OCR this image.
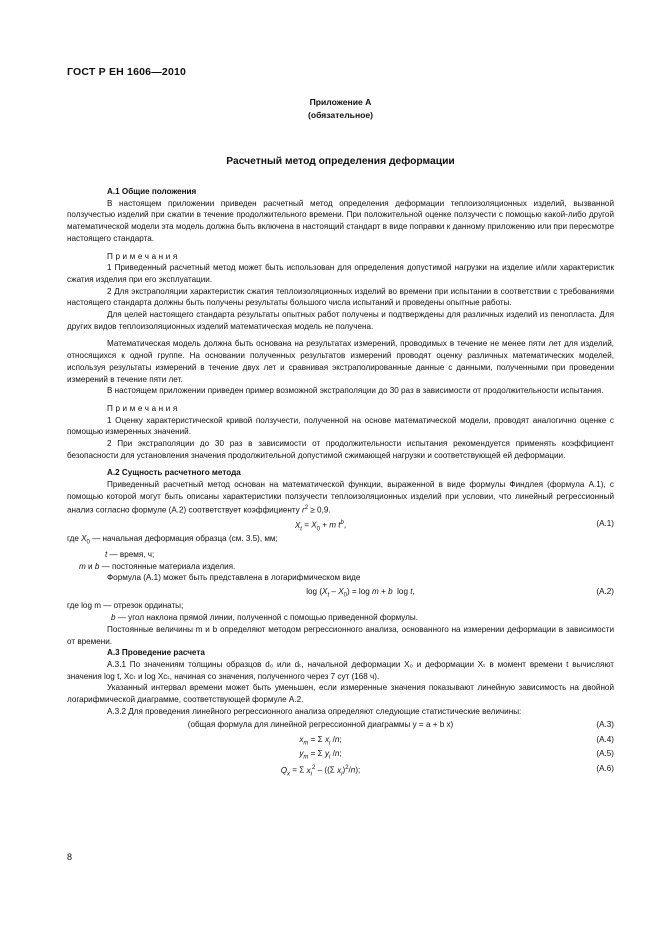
ГОСТ Р ЕН 1606—2010
Приложение А
(обязательное)
Расчетный метод определения деформации

А.1 Общие положения

В настоящем приложении приведен расчетный метод определения деформации теплоизоляционных изделий, вызванной ползучестью изделий при сжатии в течение продолжительного времени. При положительной оценке ползучести с помощью какой-либо другой математической модели эта модель должна быть включена в настоящий стандарт в виде поправки к данному приложению или при пересмотре настоящего стандарта.

Примечания

1 Приведенный расчетный метод может быть использован для определения допустимой нагрузки на изделие и/или характеристик сжатия изделия при его эксплуатации.

2 Для экстраполяции характеристик сжатия теплоизоляционных изделий во времени при испытании в соответствии с требованиями настоящего стандарта должны быть получены результаты большого числа испытаний и проведены опытные работы.

Для целей настоящего стандарта результаты опытных работ получены и подтверждены для различных изделий из пенопласта. Для других видов теплоизоляционных изделий математическая модель не получена.

Математическая модель должна быть основана на результатах измерений, проводимых в течение не менее пяти лет для изделий, относящихся к одной группе. На основании полученных результатов измерений проводят оценку различных математических моделей, используя результаты измерений в течение двух лет и сравнивая экстраполированные данные с данными, полученными при проведении измерений в течение пяти лет.

В настоящем приложении приведен пример возможной экстраполяции до 30 раз в зависимости от продолжительности испытания.

Примечания

1 Оценку характеристической кривой ползучести, полученной на основе математической модели, проводят аналогично оценке с помощью измеренных значений.

2 При экстраполяции до 30 раз в зависимости от продолжительности испытания рекомендуется применять коэффициент безопасности для установления значения продолжительной допустимой сжимающей нагрузки и соответствующей ей деформации.

А.2 Сущность расчетного метода

Приведенный расчетный метод основан на математической функции, выраженной в виде формулы Финдлея (формула А.1), с помощью которой могут быть описаны характеристики ползучести теплоизоляционных изделий при условии, что линейный регрессионный анализ согласно формуле (А.2) соответствует коэффициенту $r^2 \ge 0,9$.

$X_t = X_0 + m$ $t^b$,	(А.1)

где $X_0$ — начальная деформация образца (см. 3.5), мм;

t — время, ч;

m и b — постоянные материала изделия.

Формула (А.1) может быть представлена в логарифмическом виде

$\log (X_t - X_0) = \log m + b$  log t,	(А.2)

где log m — отрезок ординаты;

b — угол наклона прямой линии, полученной с помощью приведенной формулы.

Постоянные величины m и b определяют методом регрессионного анализа, основанного на измерении деформации в зависимости от времени.

А.3 Проведение расчета

А.3.1 По значениям толщины образцов d₀ или dₜ, начальной деформации X₀ и деформации Xₜ в момент времени t вычисляют значения log t, Xcₜ и log Xcₜ, начиная со значения, полученного через 7 сут (168 ч).

Указанный интервал времени может быть уменьшен, если измеренные значения показывают линейную зависимость на двойной логарифмической диаграмме, соответствующей формуле А.2.

А.3.2 Для проведения линейного регрессионного анализа определяют следующие статистические величины:

(общая формула для линейной регрессионной диаграммы y = a + b x)	(А.3)
$x_m = \Sigma$ $x_i$ /n;	(А.4)
$y_m = \Sigma$ $y_i$ /n;	(А.5)
$Q_x = \Sigma$ $x_i^2 - ((\Sigma$ $x_i)^2/n$);	(А.6)
8
